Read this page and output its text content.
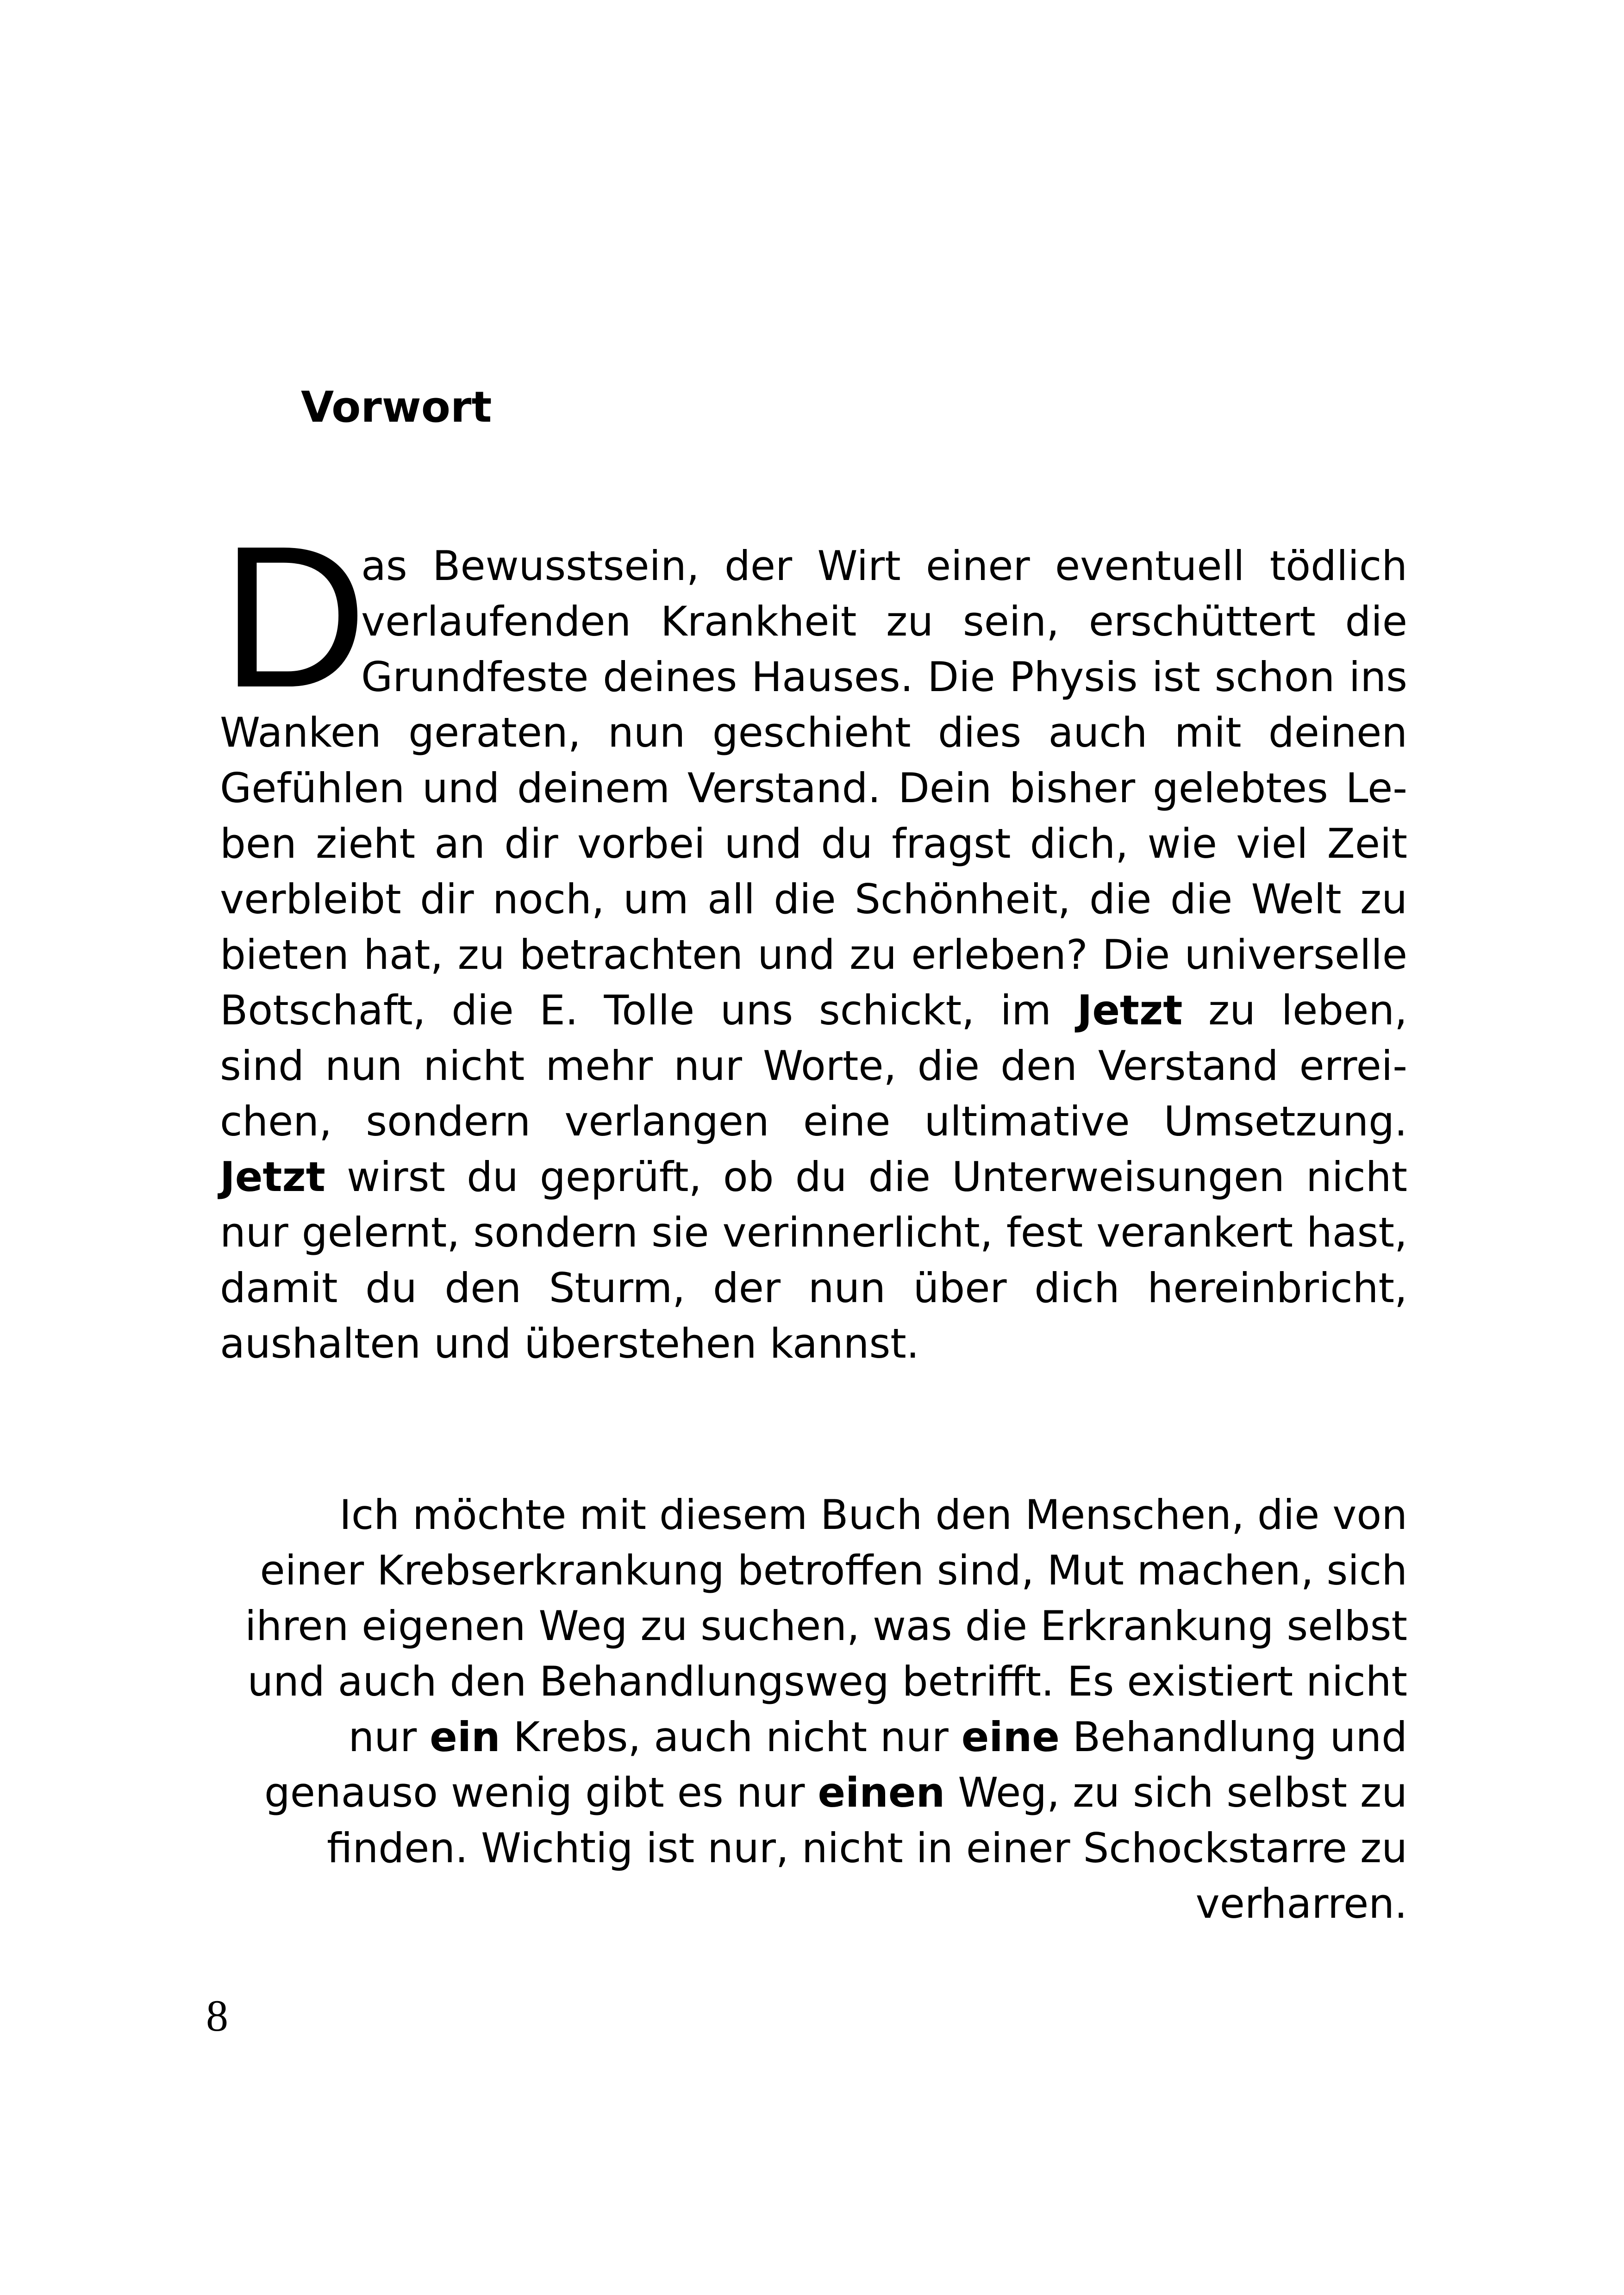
Vorwort
D
as Bewusstsein, der Wirt einer eventuell tödlich
verlaufenden Krankheit zu sein, erschüttert die
Grundfeste deines Hauses. Die Physis ist schon ins
Wanken geraten, nun geschieht dies auch mit deinen
Gefühlen und deinem Verstand. Dein bisher gelebtes Le-
ben zieht an dir vorbei und du fragst dich, wie viel Zeit
verbleibt dir noch, um all die Schönheit, die die Welt zu
bieten hat, zu betrachten und zu erleben? Die universelle
Botschaft, die E. Tolle uns schickt, im Jetzt zu leben,
sind nun nicht mehr nur Worte, die den Verstand errei-
chen, sondern verlangen eine ultimative Umsetzung.
Jetzt wirst du geprüft, ob du die Unterweisungen nicht
nur gelernt, sondern sie verinnerlicht, fest verankert hast,
damit du den Sturm, der nun über dich hereinbricht,
aushalten und überstehen kannst.
Ich möchte mit diesem Buch den Menschen, die von
einer Krebserkrankung betroffen sind, Mut machen, sich
ihren eigenen Weg zu suchen, was die Erkrankung selbst
und auch den Behandlungsweg betrifft. Es existiert nicht
nur ein Krebs, auch nicht nur eine Behandlung und
genauso wenig gibt es nur einen Weg, zu sich selbst zu
finden. Wichtig ist nur, nicht in einer Schockstarre zu
verharren.
8
